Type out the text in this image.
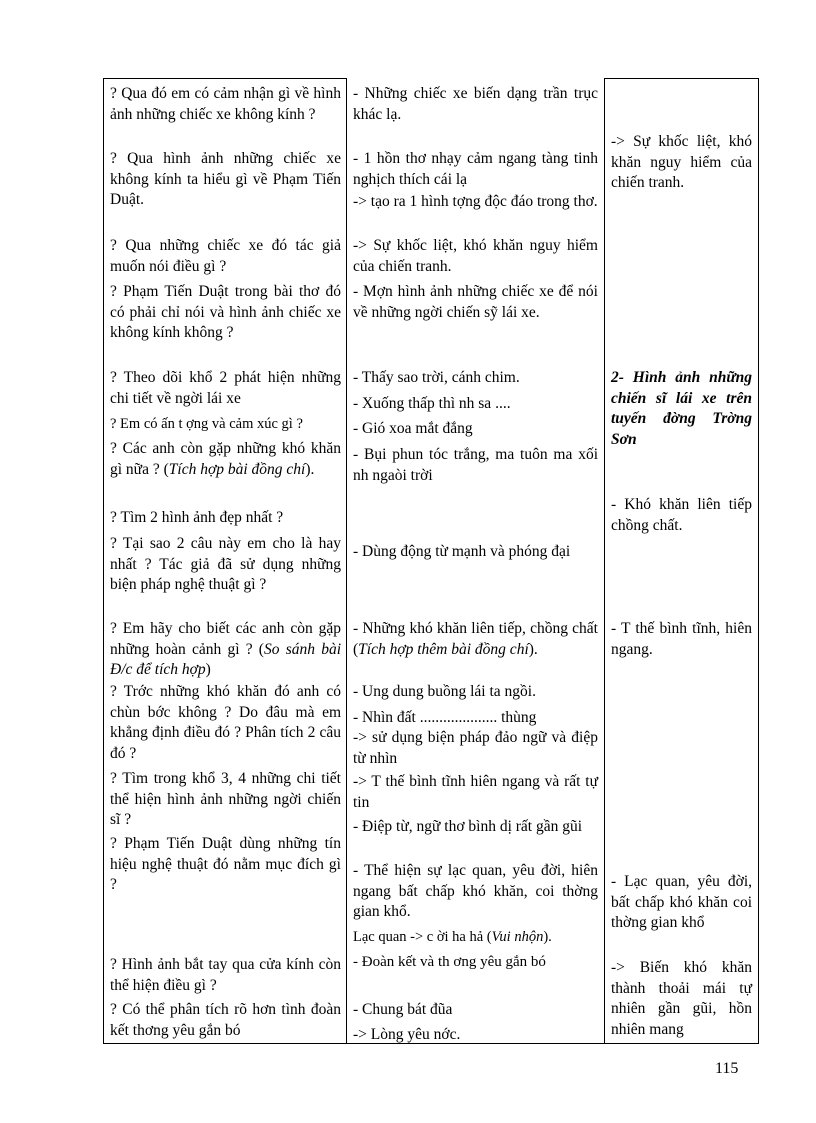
? Qua đó em có cảm nhận gì về hình ảnh những chiếc xe không kính ?
? Qua hình ảnh những chiếc xe không kính ta hiểu gì về Phạm Tiến Duật.
? Qua những chiếc xe đó tác giả muốn nói điều gì ?
? Phạm Tiến Duật trong bài thơ đó có phải chỉ nói và hình ảnh chiếc xe không kính không ?
? Theo dõi khổ 2 phát hiện những chi tiết về ngời lái xe
? Em có ấn t ợng và cảm xúc gì ?
? Các anh còn gặp những khó khăn gì nữa ? (Tích hợp bài đồng chí).
? Tìm 2 hình ảnh đẹp nhất ?
? Tại sao 2 câu này em cho là hay nhất ? Tác giả đã sử dụng những biện pháp nghệ thuật gì ?
? Em hãy cho biết các anh còn gặp những hoàn cảnh gì ? (So sánh bài Đ/c để tích hợp)
? Trớc những khó khăn đó anh có chùn bớc không ? Do đâu mà em khẳng định điều đó ? Phân tích 2 câu đó ?
? Tìm trong khổ 3, 4 những chi tiết thể hiện hình ảnh những ngời chiến sĩ ?
? Phạm Tiến Duật dùng những tín hiệu nghệ thuật đó nằm mục đích gì ?
? Hình ảnh bắt tay qua cửa kính còn thể hiện điều gì ?
? Có thể phân tích rõ hơn tình đoàn kết thơng yêu gắn bó
- Những chiếc xe biến dạng trần trục khác lạ.
- 1 hồn thơ nhạy cảm ngang tàng tinh nghịch thích cái lạ
-> tạo ra 1 hình tợng độc đáo trong thơ.
-> Sự khốc liệt, khó khăn nguy hiểm của chiến tranh.
- Mợn hình ảnh những chiếc xe để nói về những ngời chiến sỹ lái xe.
- Thấy sao trời, cánh chim.
- Xuống thấp thì nh sa ....
- Gió xoa mắt đắng
- Bụi phun tóc trắng, ma tuôn ma xối nh ngaòi trời
- Dùng động từ mạnh và phóng đại
- Những khó khăn liên tiếp, chồng chất (Tích hợp thêm bài đồng chí).
- Ung dung buồng lái ta ngồi.
- Nhìn đất .................... thùng
-> sử dụng biện pháp đảo ngữ và điệp từ nhìn
-> T thế bình tĩnh hiên ngang và rất tự tin
- Điệp từ, ngữ thơ bình dị rất gần gũi
- Thể hiện sự lạc quan, yêu đời, hiên ngang bất chấp khó khăn, coi thờng gian khổ.
Lạc quan -> c ời ha hả (Vui nhộn).
- Đoàn kết và th ơng yêu gắn bó
- Chung bát đũa
-> Lòng yêu nớc.
-> Sự khốc liệt, khó khăn nguy hiểm của chiến tranh.
2- Hình ảnh những chiến sĩ lái xe trên tuyến đờng Trờng Sơn
- Khó khăn liên tiếp chồng chất.
- T thế bình tĩnh, hiên ngang.
- Lạc quan, yêu đời, bất chấp khó khăn coi thờng gian khổ
-> Biến khó khăn thành thoải mái tự nhiên gần gũi, hồn nhiên mang
115
